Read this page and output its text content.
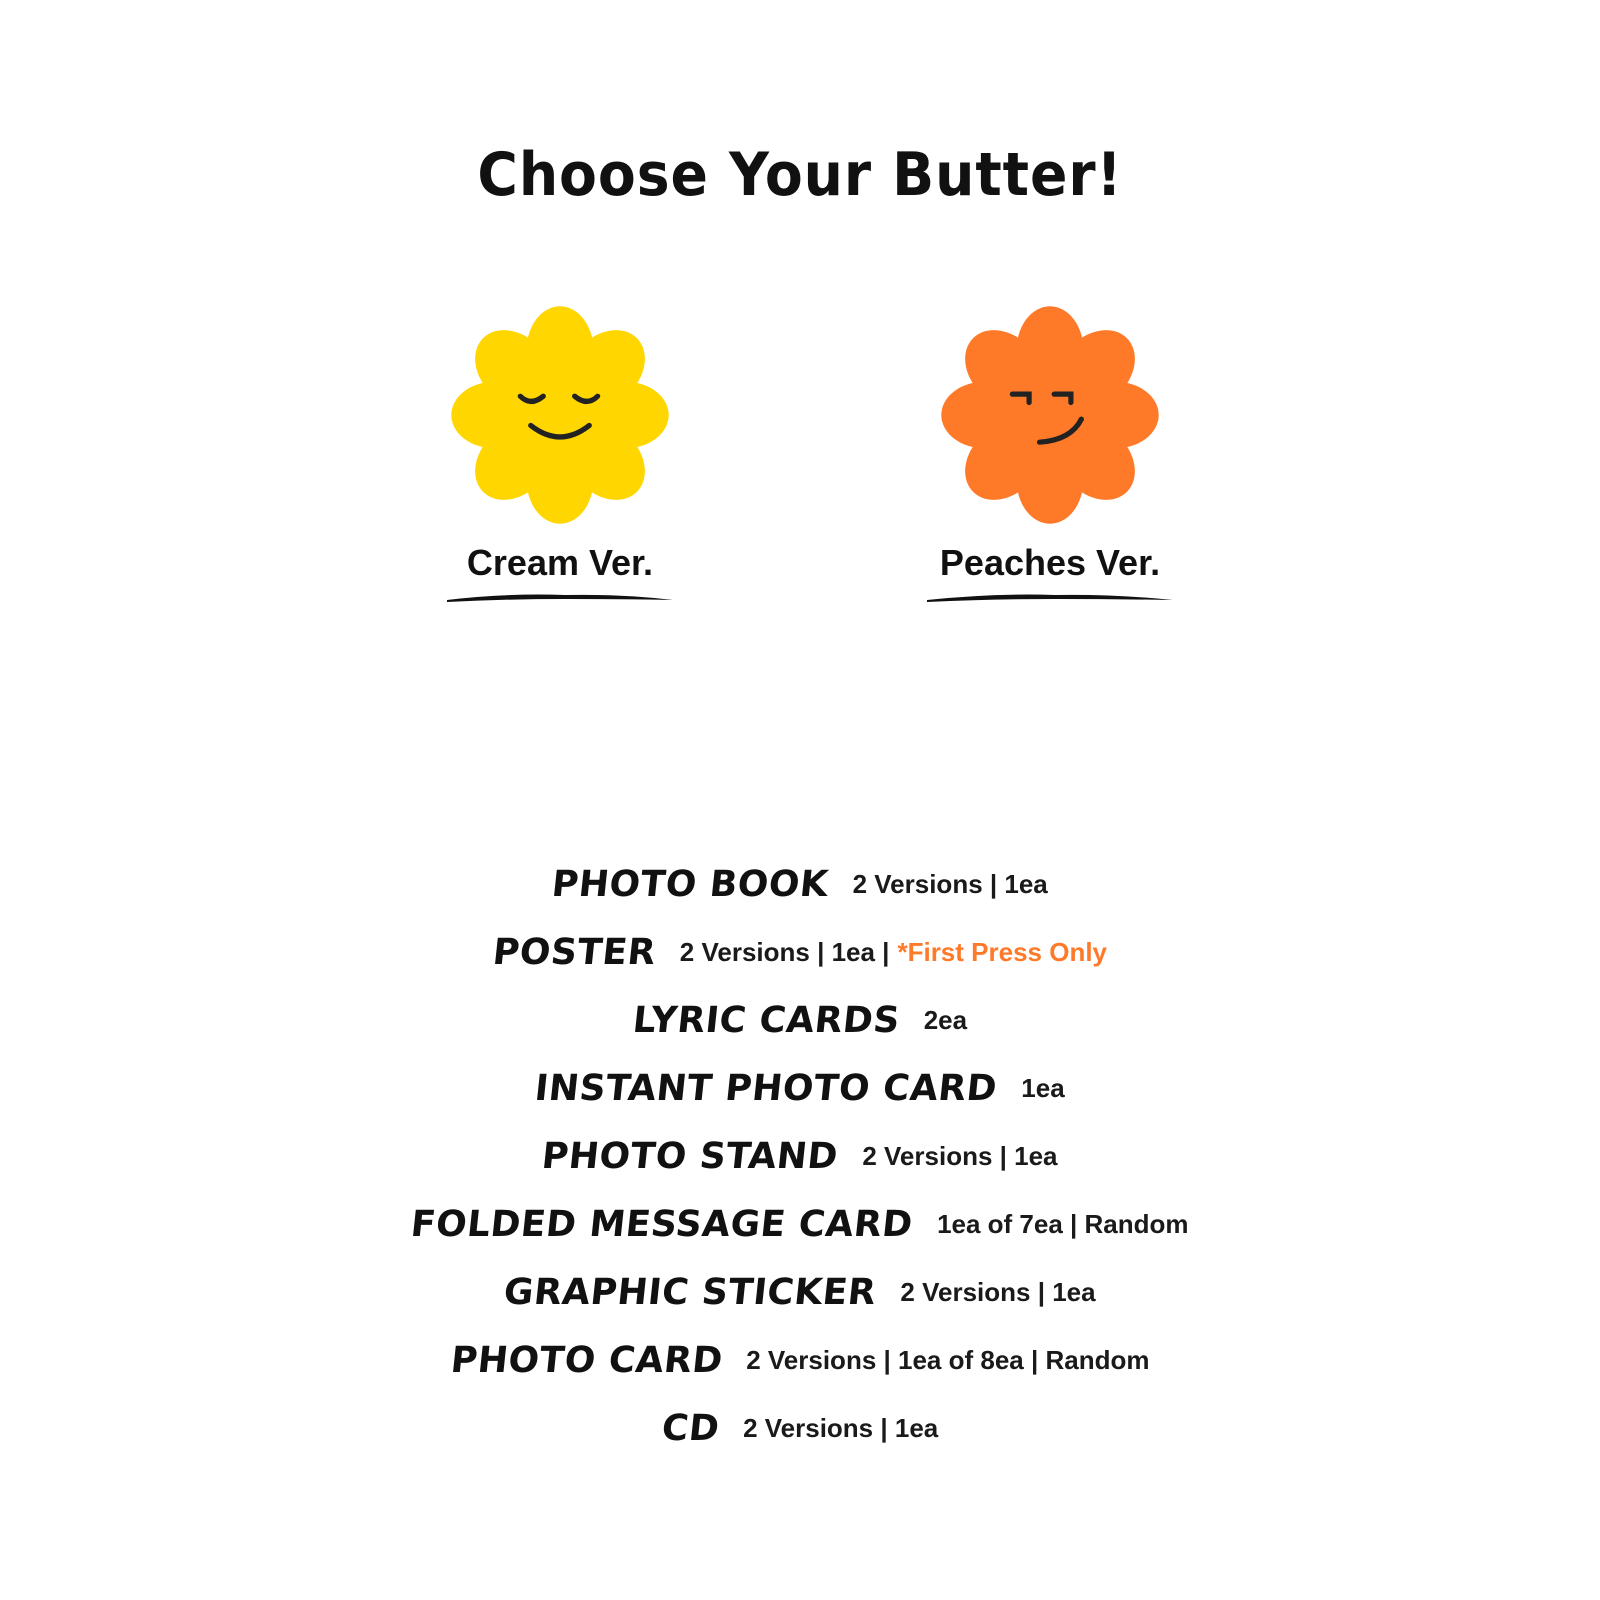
Choose Your Butter!
Cream Ver.	Peaches Ver.
PHOTO BOOK 2 Versions | 1ea
POSTER 2 Versions | 1ea | *First Press Only
LYRIC CARDS 2ea
INSTANT PHOTO CARD 1ea
PHOTO STAND 2 Versions | 1ea
FOLDED MESSAGE CARD 1ea of 7ea | Random
GRAPHIC STICKER 2 Versions | 1ea
PHOTO CARD 2 Versions | 1ea of 8ea | Random
CD 2 Versions | 1ea
